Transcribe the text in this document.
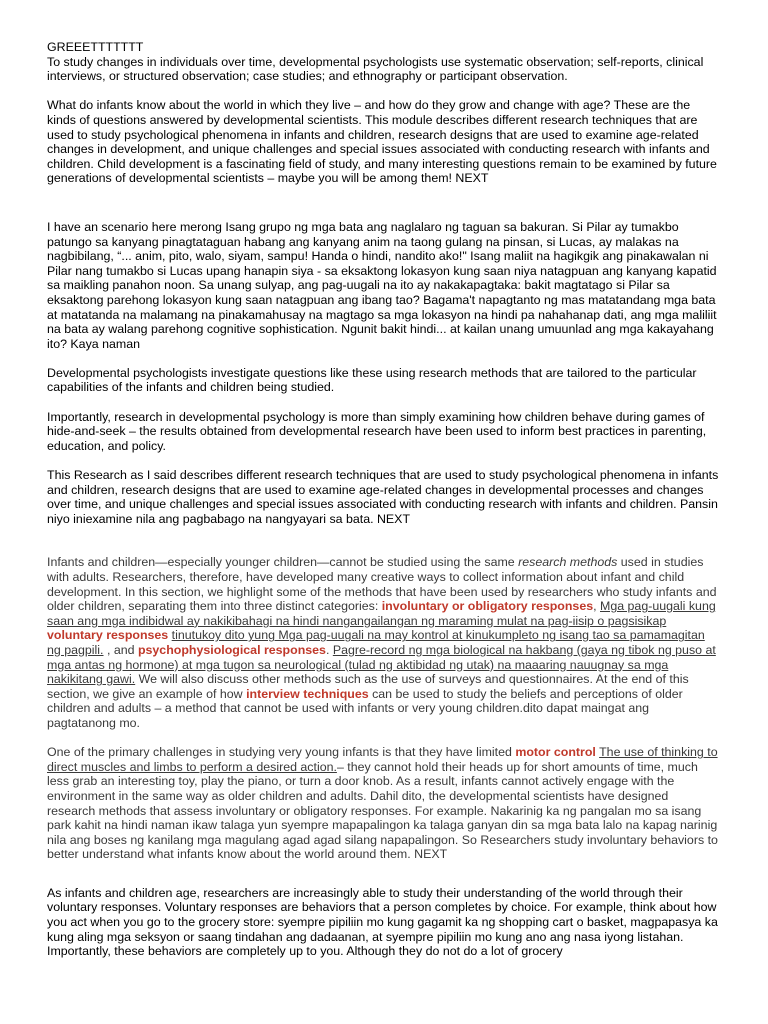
GREEETTTTTTT

To study changes in individuals over time, developmental psychologists use systematic observation; self-reports, clinical interviews, or structured observation; case studies; and ethnography or participant observation.

What do infants know about the world in which they live – and how do they grow and change with age? These are the kinds of questions answered by developmental scientists. This module describes different research techniques that are used to study psychological phenomena in infants and children, research designs that are used to examine age-related changes in development, and unique challenges and special issues associated with conducting research with infants and children. Child development is a fascinating field of study, and many interesting questions remain to be examined by future generations of developmental scientists – maybe you will be among them! NEXT

I have an scenario here merong Isang grupo ng mga bata ang naglalaro ng taguan sa bakuran. Si Pilar ay tumakbo patungo sa kanyang pinagtataguan habang ang kanyang anim na taong gulang na pinsan, si Lucas, ay malakas na nagbibilang, “... anim, pito, walo, siyam, sampu! Handa o hindi, nandito ako!" Isang maliit na hagikgik ang pinakawalan ni Pilar nang tumakbo si Lucas upang hanapin siya - sa eksaktong lokasyon kung saan niya natagpuan ang kanyang kapatid sa maikling panahon noon. Sa unang sulyap, ang pag-uugali na ito ay nakakapagtaka: bakit magtatago si Pilar sa eksaktong parehong lokasyon kung saan natagpuan ang ibang tao? Bagama't napagtanto ng mas matatandang mga bata at matatanda na malamang na pinakamahusay na magtago sa mga lokasyon na hindi pa nahahanap dati, ang mga maliliit na bata ay walang parehong cognitive sophistication. Ngunit bakit hindi... at kailan unang umuunlad ang mga kakayahang ito? Kaya naman

Developmental psychologists investigate questions like these using research methods that are tailored to the particular capabilities of the infants and children being studied.

Importantly, research in developmental psychology is more than simply examining how children behave during games of hide-and-seek – the results obtained from developmental research have been used to inform best practices in parenting, education, and policy.

This Research as I said describes different research techniques that are used to study psychological phenomena in infants and children, research designs that are used to examine age-related changes in developmental processes and changes over time, and unique challenges and special issues associated with conducting research with infants and children. Pansin niyo iniexamine nila ang pagbabago na nangyayari sa bata. NEXT

Infants and children—especially younger children—cannot be studied using the same research methods used in studies with adults. Researchers, therefore, have developed many creative ways to collect information about infant and child development. In this section, we highlight some of the methods that have been used by researchers who study infants and older children, separating them into three distinct categories: involuntary or obligatory responses, Mga pag-uugali kung saan ang mga indibidwal ay nakikibahagi na hindi nangangailangan ng maraming mulat na pag-iisip o pagsisikap voluntary responses tinutukoy dito yung Mga pag-uugali na may kontrol at kinukumpleto ng isang tao sa pamamagitan ng pagpili. , and psychophysiological responses. Pagre-record ng mga biological na hakbang (gaya ng tibok ng puso at mga antas ng hormone) at mga tugon sa neurological (tulad ng aktibidad ng utak) na maaaring nauugnay sa mga nakikitang gawi. We will also discuss other methods such as the use of surveys and questionnaires. At the end of this section, we give an example of how interview techniques can be used to study the beliefs and perceptions of older children and adults – a method that cannot be used with infants or very young children.dito dapat maingat ang pagtatanong mo.

One of the primary challenges in studying very young infants is that they have limited motor control The use of thinking to direct muscles and limbs to perform a desired action.– they cannot hold their heads up for short amounts of time, much less grab an interesting toy, play the piano, or turn a door knob. As a result, infants cannot actively engage with the environment in the same way as older children and adults. Dahil dito, the developmental scientists have designed research methods that assess involuntary or obligatory responses. For example. Nakarinig ka ng pangalan mo sa isang park kahit na hindi naman ikaw talaga yun syempre mapapalingon ka talaga ganyan din sa mga bata lalo na kapag narinig nila ang boses ng kanilang mga magulang agad agad silang napapalingon. So Researchers study involuntary behaviors to better understand what infants know about the world around them. NEXT

As infants and children age, researchers are increasingly able to study their understanding of the world through their voluntary responses. Voluntary responses are behaviors that a person completes by choice. For example, think about how you act when you go to the grocery store: syempre pipiliin mo kung gagamit ka ng shopping cart o basket, magpapasya ka kung aling mga seksyon or saang tindahan ang dadaanan, at syempre pipiliin mo kung ano ang nasa iyong listahan. Importantly, these behaviors are completely up to you. Although they do not do a lot of grocery
